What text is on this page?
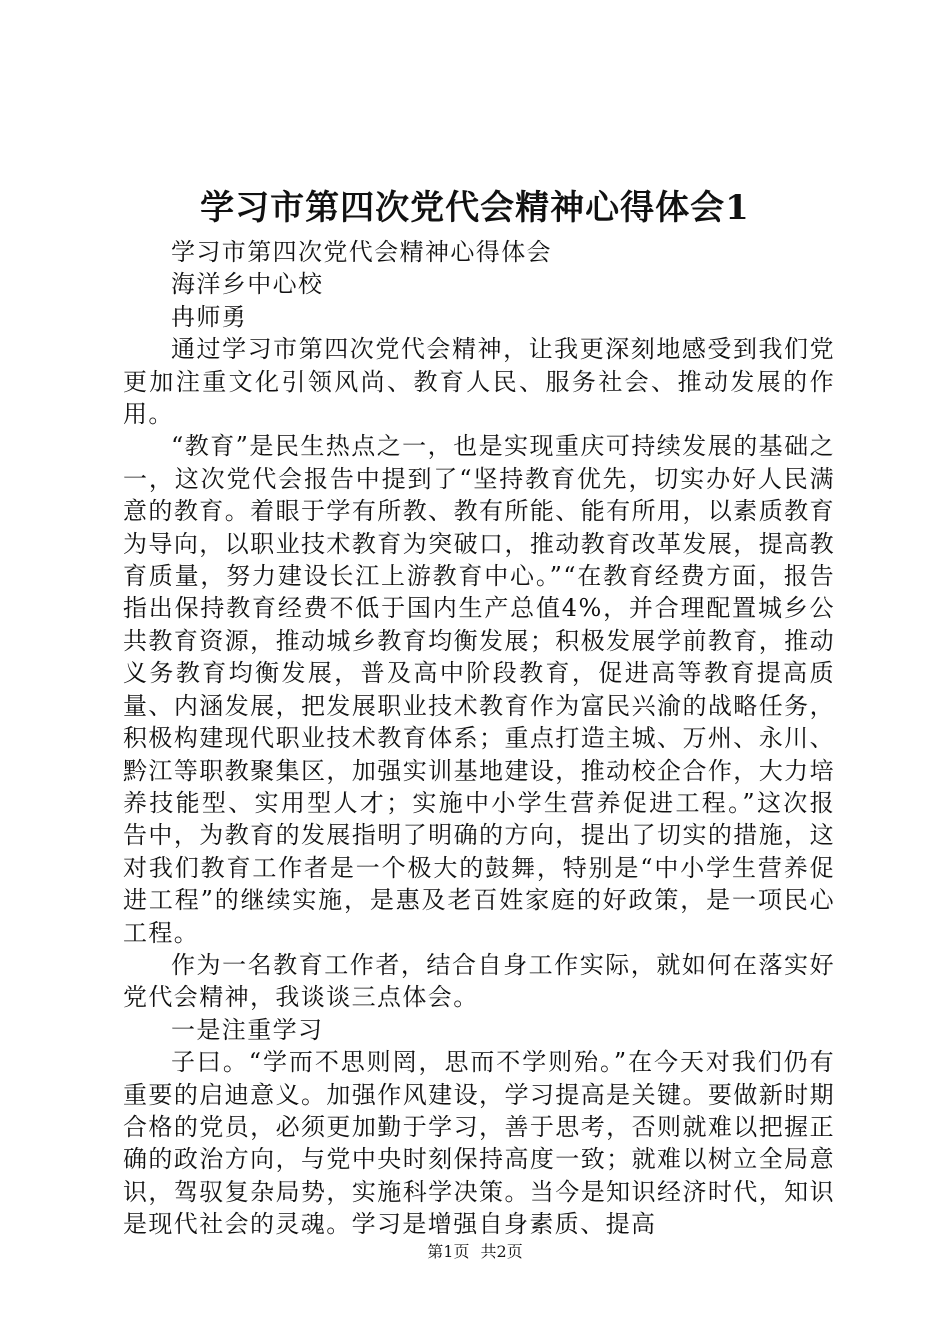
学习市第四次党代会精神心得体会1

学习市第四次党代会精神心得体会

海洋乡中心校

冉师勇

通过学习市第四次党代会精神，让我更深刻地感受到我们党更加注重文化引领风尚、教育人民、服务社会、推动发展的作用。

“教育”是民生热点之一，也是实现重庆可持续发展的基础之一，这次党代会报告中提到了“坚持教育优先，切实办好人民满意的教育。着眼于学有所教、教有所能、能有所用，以素质教育为导向，以职业技术教育为突破口，推动教育改革发展，提高教育质量，努力建设长江上游教育中心。”“在教育经费方面，报告指出保持教育经费不低于国内生产总值4%，并合理配置城乡公共教育资源，推动城乡教育均衡发展；积极发展学前教育，推动义务教育均衡发展，普及高中阶段教育，促进高等教育提高质量、内涵发展，把发展职业技术教育作为富民兴渝的战略任务，积极构建现代职业技术教育体系；重点打造主城、万州、永川、黔江等职教聚集区，加强实训基地建设，推动校企合作，大力培养技能型、实用型人才；实施中小学生营养促进工程。”这次报告中，为教育的发展指明了明确的方向，提出了切实的措施，这对我们教育工作者是一个极大的鼓舞，特别是“中小学生营养促进工程”的继续实施，是惠及老百姓家庭的好政策，是一项民心工程。

作为一名教育工作者，结合自身工作实际，就如何在落实好党代会精神，我谈谈三点体会。

一是注重学习

子曰。“学而不思则罔，思而不学则殆。”在今天对我们仍有重要的启迪意义。加强作风建设，学习提高是关键。要做新时期合格的党员，必须更加勤于学习，善于思考，否则就难以把握正确的政治方向，与党中央时刻保持高度一致；就难以树立全局意识，驾驭复杂局势，实施科学决策。当今是知识经济时代，知识是现代社会的灵魂。学习是增强自身素质、提高

第1页 共2页
